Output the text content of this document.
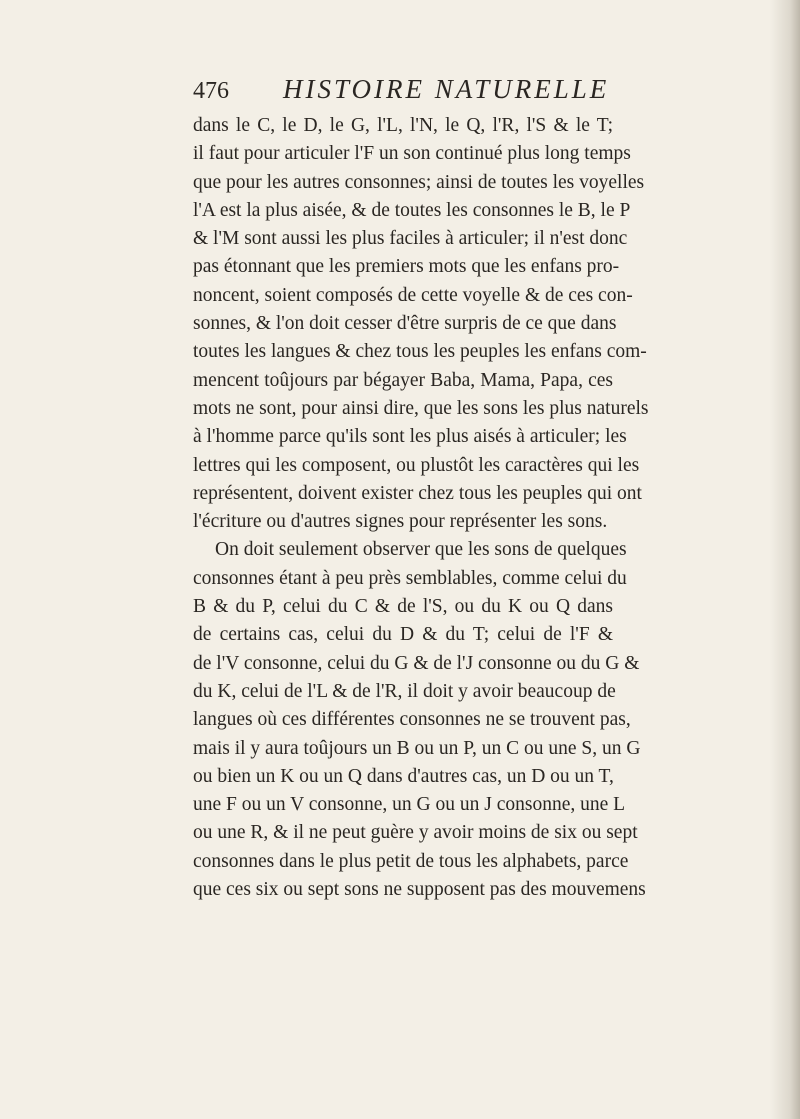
476 HISTOIRE NATURELLE
dans le C, le D, le G, l'L, l'N, le Q, l'R, l'S & le T;
il faut pour articuler l'F un son continué plus long temps
que pour les autres consonnes; ainsi de toutes les voyelles
l'A est la plus aisée, & de toutes les consonnes le B, le P
& l'M sont aussi les plus faciles à articuler; il n'est donc
pas étonnant que les premiers mots que les enfans pro-
noncent, soient composés de cette voyelle & de ces con-
sonnes, & l'on doit cesser d'être surpris de ce que dans
toutes les langues & chez tous les peuples les enfans com-
mencent toûjours par bégayer Baba, Mama, Papa, ces
mots ne sont, pour ainsi dire, que les sons les plus naturels
à l'homme parce qu'ils sont les plus aisés à articuler; les
lettres qui les composent, ou plustôt les caractères qui les
représentent, doivent exister chez tous les peuples qui ont
l'écriture ou d'autres signes pour représenter les sons.
On doit seulement observer que les sons de quelques
consonnes étant à peu près semblables, comme celui du
B & du P, celui du C & de l'S, ou du K ou Q dans
de certains cas, celui du D & du T; celui de l'F &
de l'V consonne, celui du G & de l'J consonne ou du G &
du K, celui de l'L & de l'R, il doit y avoir beaucoup de
langues où ces différentes consonnes ne se trouvent pas,
mais il y aura toûjours un B ou un P, un C ou une S, un G
ou bien un K ou un Q dans d'autres cas, un D ou un T,
une F ou un V consonne, un G ou un J consonne, une L
ou une R, & il ne peut guère y avoir moins de six ou sept
consonnes dans le plus petit de tous les alphabets, parce
que ces six ou sept sons ne supposent pas des mouvemens
